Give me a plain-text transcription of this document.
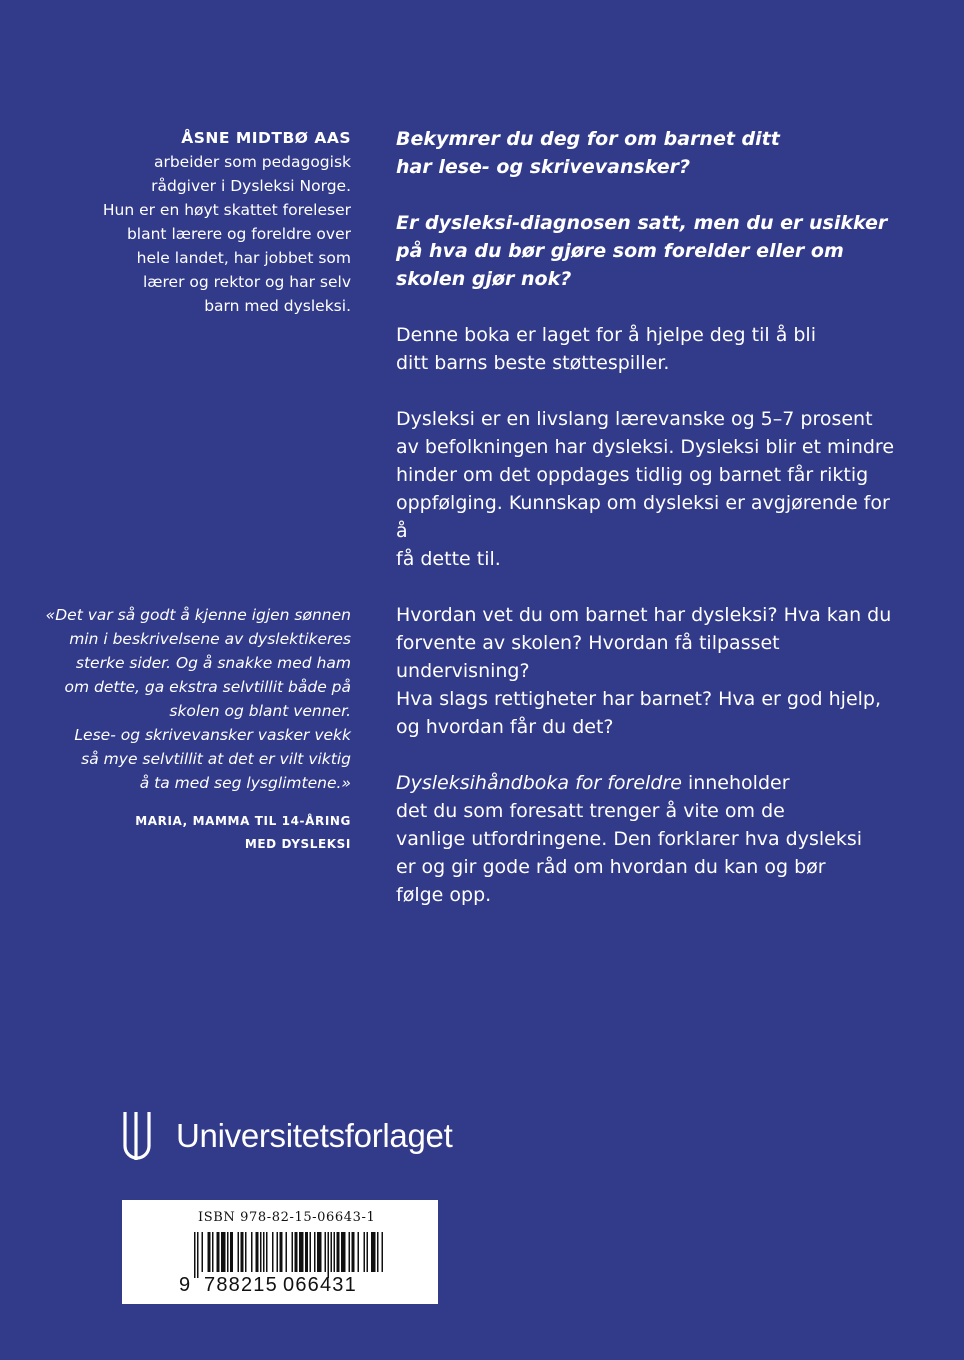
ÅSNE MIDTBØ AAS
arbeider som pedagogisk
rådgiver i Dysleksi Norge.
Hun er en høyt skattet foreleser
blant lærere og foreldre over
hele landet, har jobbet som
lærer og rektor og har selv
barn med dysleksi.
«Det var så godt å kjenne igjen sønnen
min i beskrivelsene av dyslektikeres
sterke sider. Og å snakke med ham
om dette, ga ekstra selvtillit både på
skolen og blant venner.
Lese- og skrivevansker vasker vekk
så mye selvtillit at det er vilt viktig
å ta med seg lysglimtene.»
MARIA, MAMMA TIL 14-ÅRING
MED DYSLEKSI

Bekymrer du deg for om barnet ditt
har lese- og skrivevansker?

Er dysleksi-diagnosen satt, men du er usikker
på hva du bør gjøre som forelder eller om
skolen gjør nok?

Denne boka er laget for å hjelpe deg til å bli
ditt barns beste støttespiller.

Dysleksi er en livslang lærevanske og 5–7 prosent
av befolkningen har dysleksi. Dysleksi blir et mindre
hinder om det oppdages tidlig og barnet får riktig
oppfølging. Kunnskap om dysleksi er avgjørende for å
få dette til.

Hvordan vet du om barnet har dysleksi? Hva kan du
forvente av skolen? Hvordan få tilpasset undervisning?
Hva slags rettigheter har barnet? Hva er god hjelp,
og hvordan får du det?

Dysleksihåndboka for foreldre inneholder
det du som foresatt trenger å vite om de
vanlige utfordringene. Den forklarer hva dysleksi
er og gir gode råd om hvordan du kan og bør
følge opp.

Universitetsforlaget
ISBN 978-82-15-06643-1
9 788215 066431
